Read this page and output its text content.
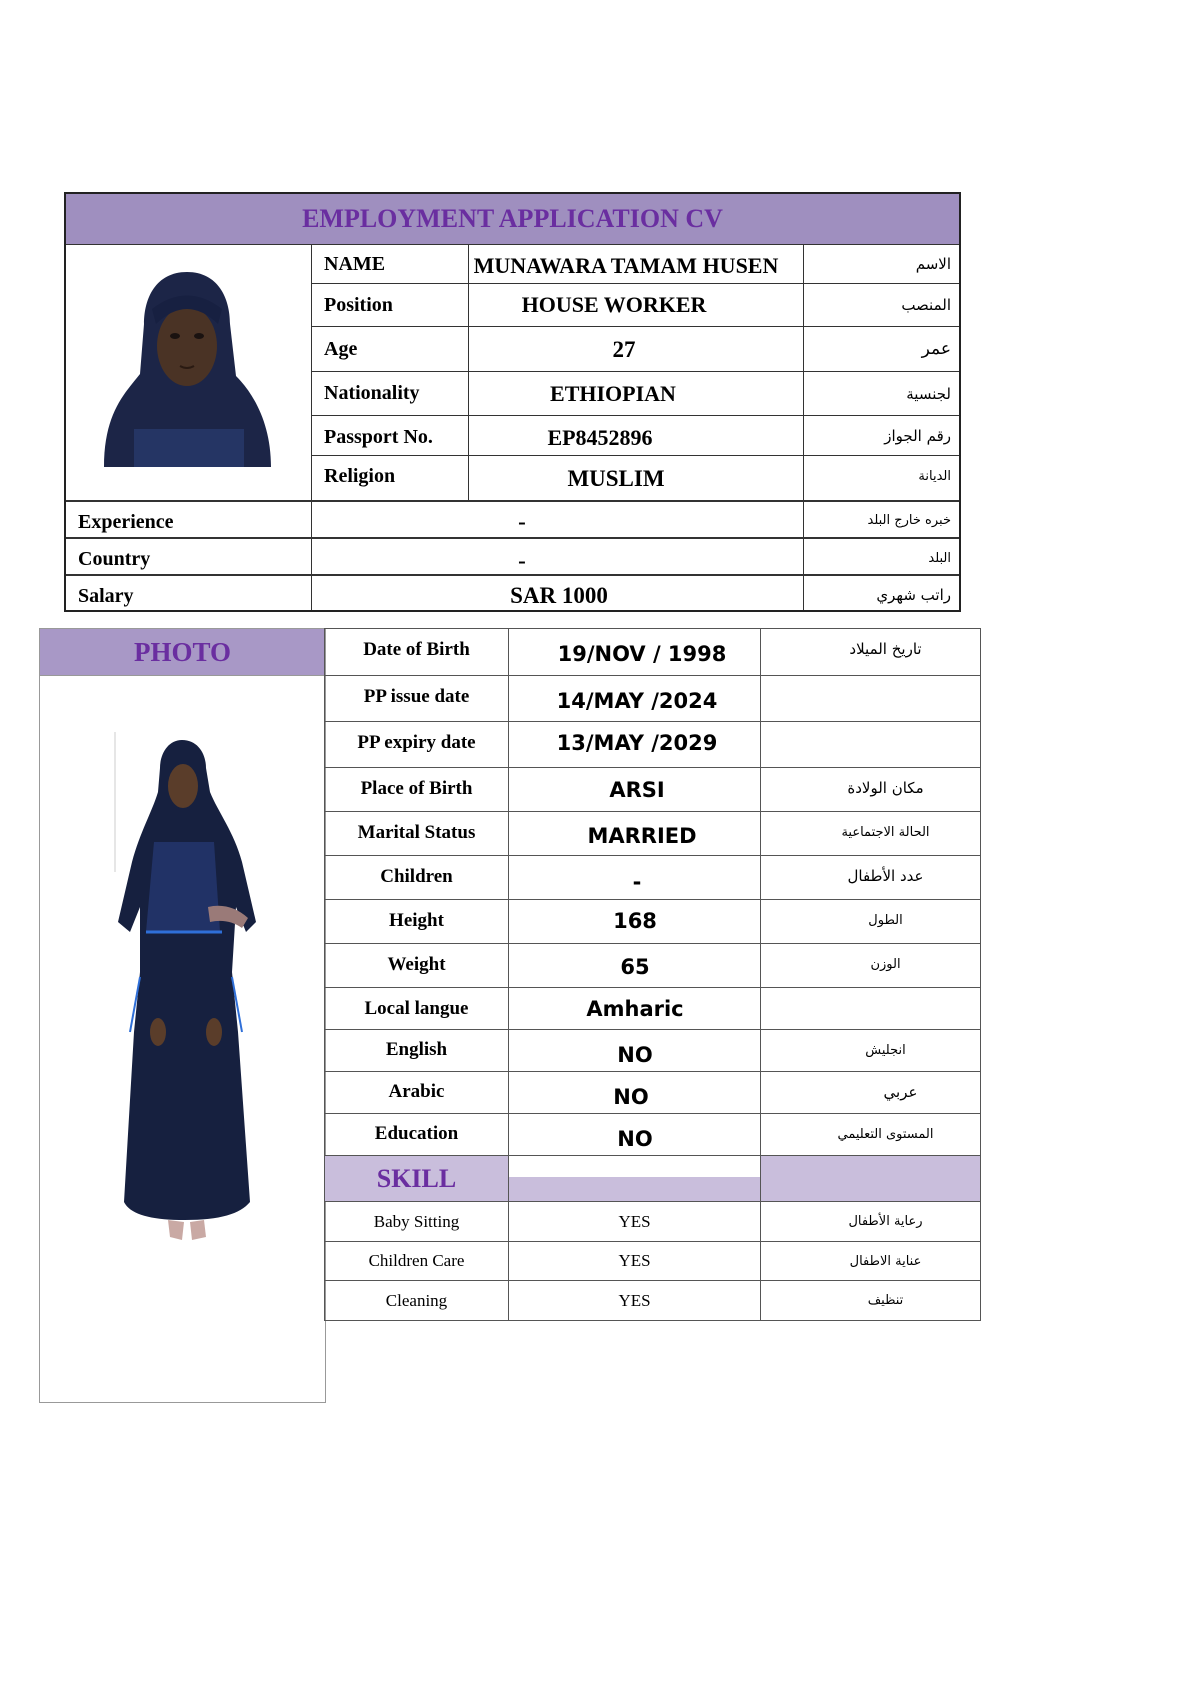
EMPLOYMENT APPLICATION CV
NAME	MUNAWARA TAMAM HUSEN	الاسم
Position	HOUSE WORKER	المنصب
Age	27	عمر
Nationality	ETHIOPIAN	لجنسية
Passport No.	EP8452896	رقم الجواز
Religion	MUSLIM	الديانة
Experience	-	خبره خارج البلد
Country	-	البلد
Salary	SAR 1000	راتب شهري
PHOTO	Date of Birth	19/NOV / 1998	تاريخ الميلاد
PP issue date	14/MAY /2024
PP expiry date	13/MAY /2029
Place of Birth	ARSI	مكان الولادة
Marital Status	MARRIED	الحالة الاجتماعية
Children	-	عدد الأطفال
Height	168	الطول
Weight	65	الوزن
Local langue	Amharic
English	NO	انجليش
Arabic	NO	عربي
Education	NO	المستوى التعليمي
SKILL
Baby Sitting	YES	رعاية الأطفال
Children Care	YES	عناية الاطفال
Cleaning	YES	تنظيف
